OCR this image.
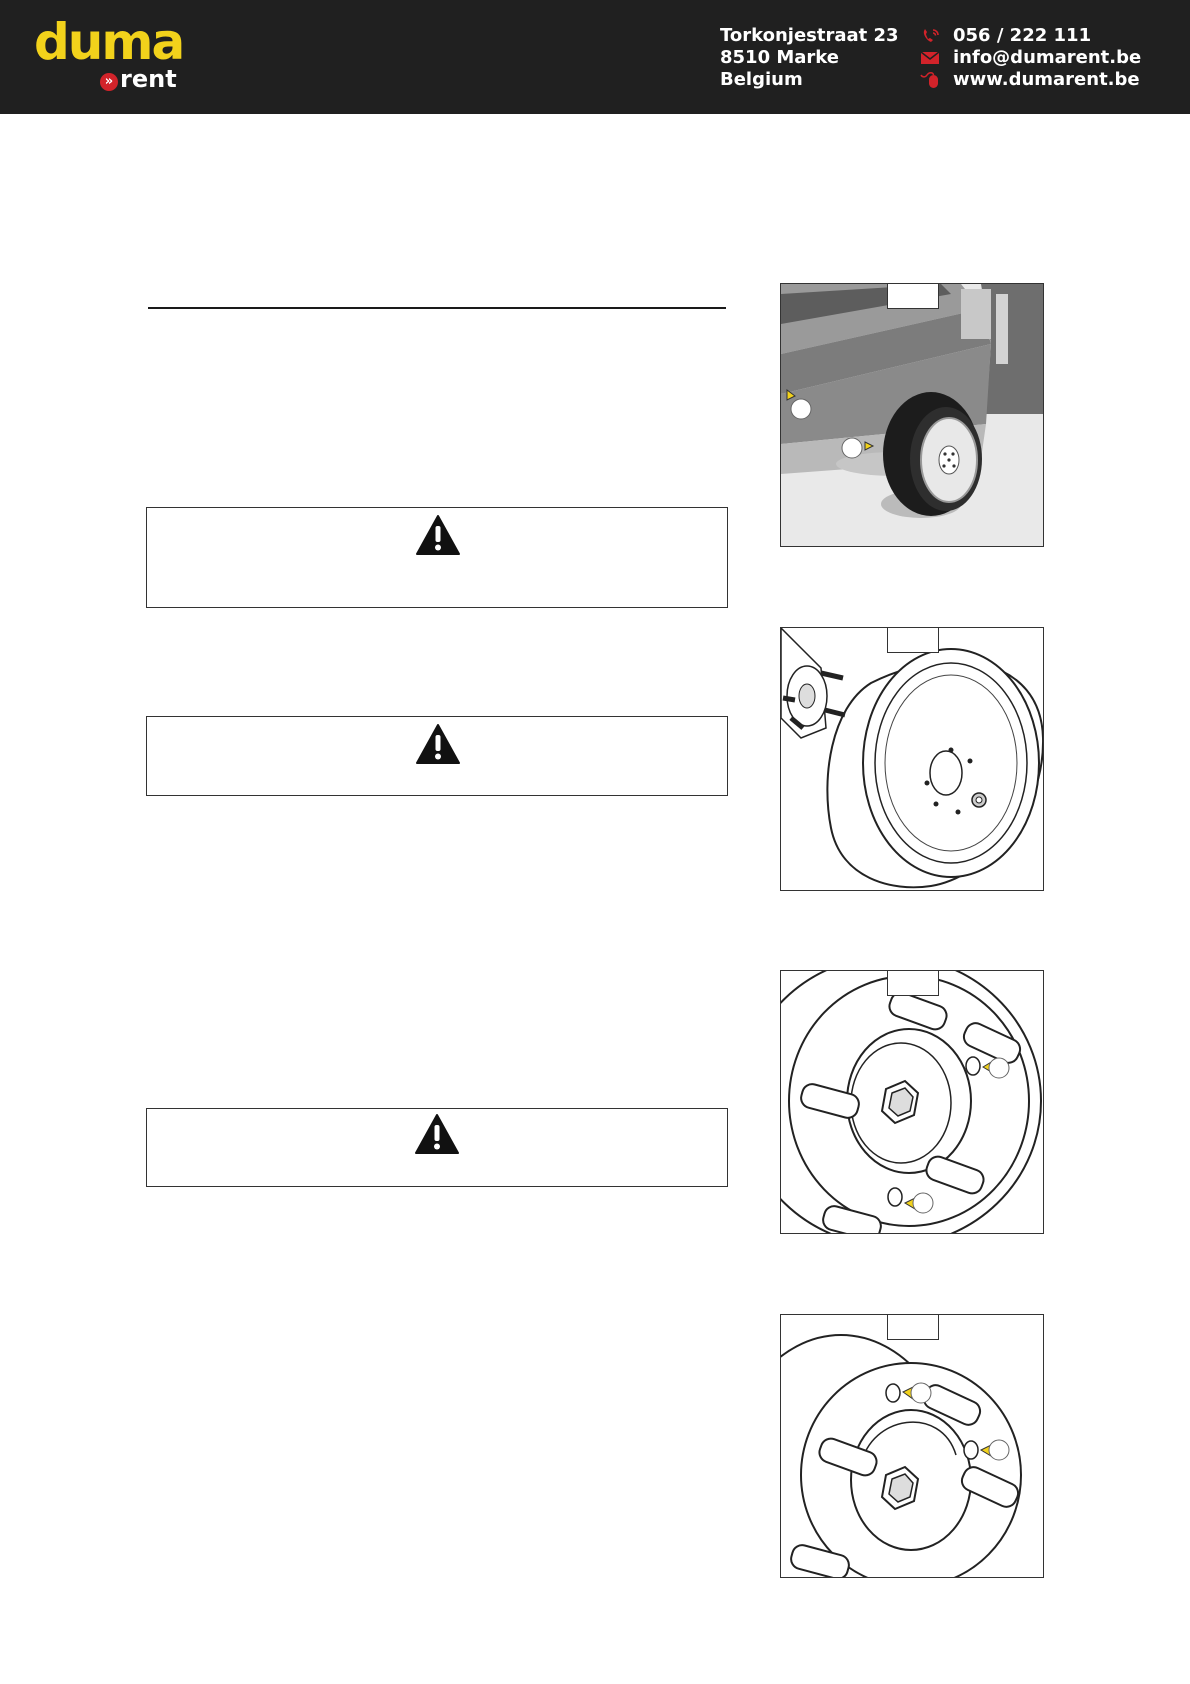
duma
» rent
Torkonjestraat 23
8510 Marke
Belgium
056 / 222 111
info@dumarent.be
www.dumarent.be
